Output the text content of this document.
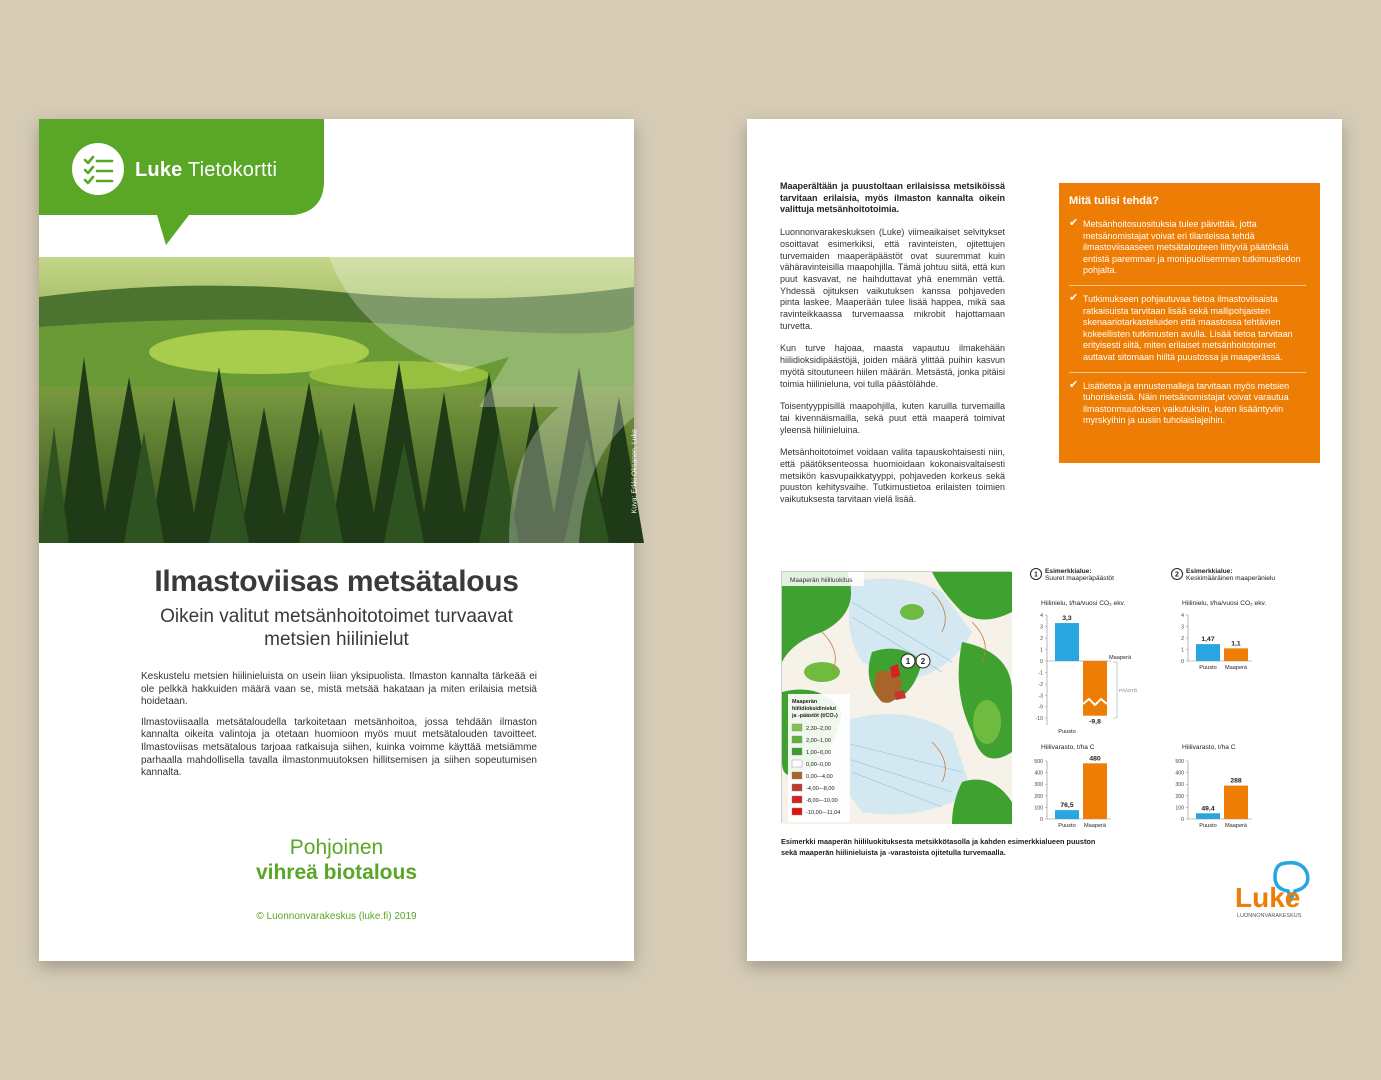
Luke Tietokortti
Kuva: Erkki Oksanen, Luke
Ilmastoviisas metsätalous
Oikein valitut metsänhoitotoimet turvaavat metsien hiilinielut

Keskustelu metsien hiilinieluista on usein liian yksipuolista. Ilmaston kannalta tärkeää ei ole pelkkä hakkuiden määrä vaan se, mistä metsää hakataan ja miten erilaisia metsiä hoidetaan.

Ilmastoviisaalla metsätaloudella tarkoitetaan metsänhoitoa, jossa tehdään ilmaston kannalta oikeita valintoja ja otetaan huomioon myös muut metsätalouden tavoitteet. Ilmastoviisas metsätalous tarjoaa ratkaisuja siihen, kuinka voimme käyttää metsiämme parhaalla mahdollisella tavalla ilmastonmuutoksen hillitsemisen ja siihen sopeutumisen kannalta.

Pohjoinen
vihreä biotalous
© Luonnonvarakeskus (luke.fi) 2019

Maaperältään ja puustoltaan erilaisissa metsiköissä tarvitaan erilaisia, myös ilmaston kannalta oikein valittuja metsänhoitotoimia.

Luonnonvarakeskuksen (Luke) viimeaikaiset selvitykset osoittavat esimerkiksi, että ravinteisten, ojitettujen turvemaiden maaperäpäästöt ovat suuremmat kuin vähäravinteisilla maapohjilla. Tämä johtuu siitä, että kun puut kasvavat, ne haihduttavat yhä enemmän vettä. Yhdessä ojituksen vaikutuksen kanssa pohjaveden pinta laskee. Maaperään tulee lisää happea, mikä saa ravinteikkaassa turvemaassa mikrobit hajottamaan turvetta.

Kun turve hajoaa, maasta vapautuu ilmakehään hiilidioksidipäästöjä, joiden määrä ylittää puihin kasvun myötä sitoutuneen hiilen määrän. Metsästä, jonka pitäisi toimia hiilinieluna, voi tulla päästölähde.

Toisentyyppisillä maapohjilla, kuten karuilla turvemailla tai kivennäismailla, sekä puut että maaperä toimivat yleensä hiilinieluina.

Metsänhoitotoimet voidaan valita tapauskohtaisesti niin, että päätöksenteossa huomioidaan kokonaisvaltaisesti metsikön kasvupaikkatyyppi, pohjaveden korkeus sekä puuston kehitysvaihe. Tutkimustietoa erilaisten toimien vaikutuksesta tarvitaan vielä lisää.

Mitä tulisi tehdä?
✔ Metsänhoitosuosituksia tulee päivittää, jotta metsänomistajat voivat eri tilanteissa tehdä ilmastoviisaaseen metsätalouteen liittyviä päätöksiä entistä paremman ja monipuolisemman tutkimustiedon pohjalta.
✔ Tutkimukseen pohjautuvaa tietoa ilmastoviisaista ratkaisuista tarvitaan lisää sekä mallipohjaisten skenaariotarkasteluiden että maastossa tehtävien kokeellisten tutkimusten avulla. Lisää tietoa tarvitaan erityisesti siitä, miten erilaiset metsänhoitotoimet auttavat sitomaan hiiltä puustossa ja maaperässä.
✔ Lisätietoa ja ennustemalleja tarvitaan myös metsien tuhoriskeistä. Näin metsänomistajat voivat varautua ilmastonmuutoksen vaikutuksiin, kuten lisääntyviin myrskyihin ja uusiin tuholaislajeihin.
Maaperän hiililuokitus
1 2
Maaperän
hiilidioksidinielut
ja -päästöt (t/CO₂)
2,30–2,00
2,00–1,00
1,00–0,00
0,00–0,00
0,00–-4,00
-4,00–-8,00
-8,00–-10,00
-10,00–-11,04
1 Esimerkkialue:
Suuret maaperäpäästöt
Hiilinielu, t/ha/vuosi CO₂ ekv.
4
3
2
1
0
-1
-2
-3
-9
-10
3,3
Puusto
-9,8
Maaperä
PÄÄSTÖ
Hiilivarasto, t/ha C
500
400
300
200
100
0
76,5
Puusto
480
Maaperä
2 Esimerkkialue:
Keskimääräinen maaperänielu
Hiilinielu, t/ha/vuosi CO₂ ekv.
4
3
2
1
0
1,47
Puusto
1,1
Maaperä
Hiilivarasto, t/ha C
500
400
300
200
100
0
49,4
Puusto
288
Maaperä
Esimerkki maaperän hiililuokituksesta metsikkötasolla ja kahden esimerkkialueen puuston sekä maaperän hiilinieluista ja -varastoista ojitetulla turvemaalla.
Luke
LUONNONVARAKESKUS
